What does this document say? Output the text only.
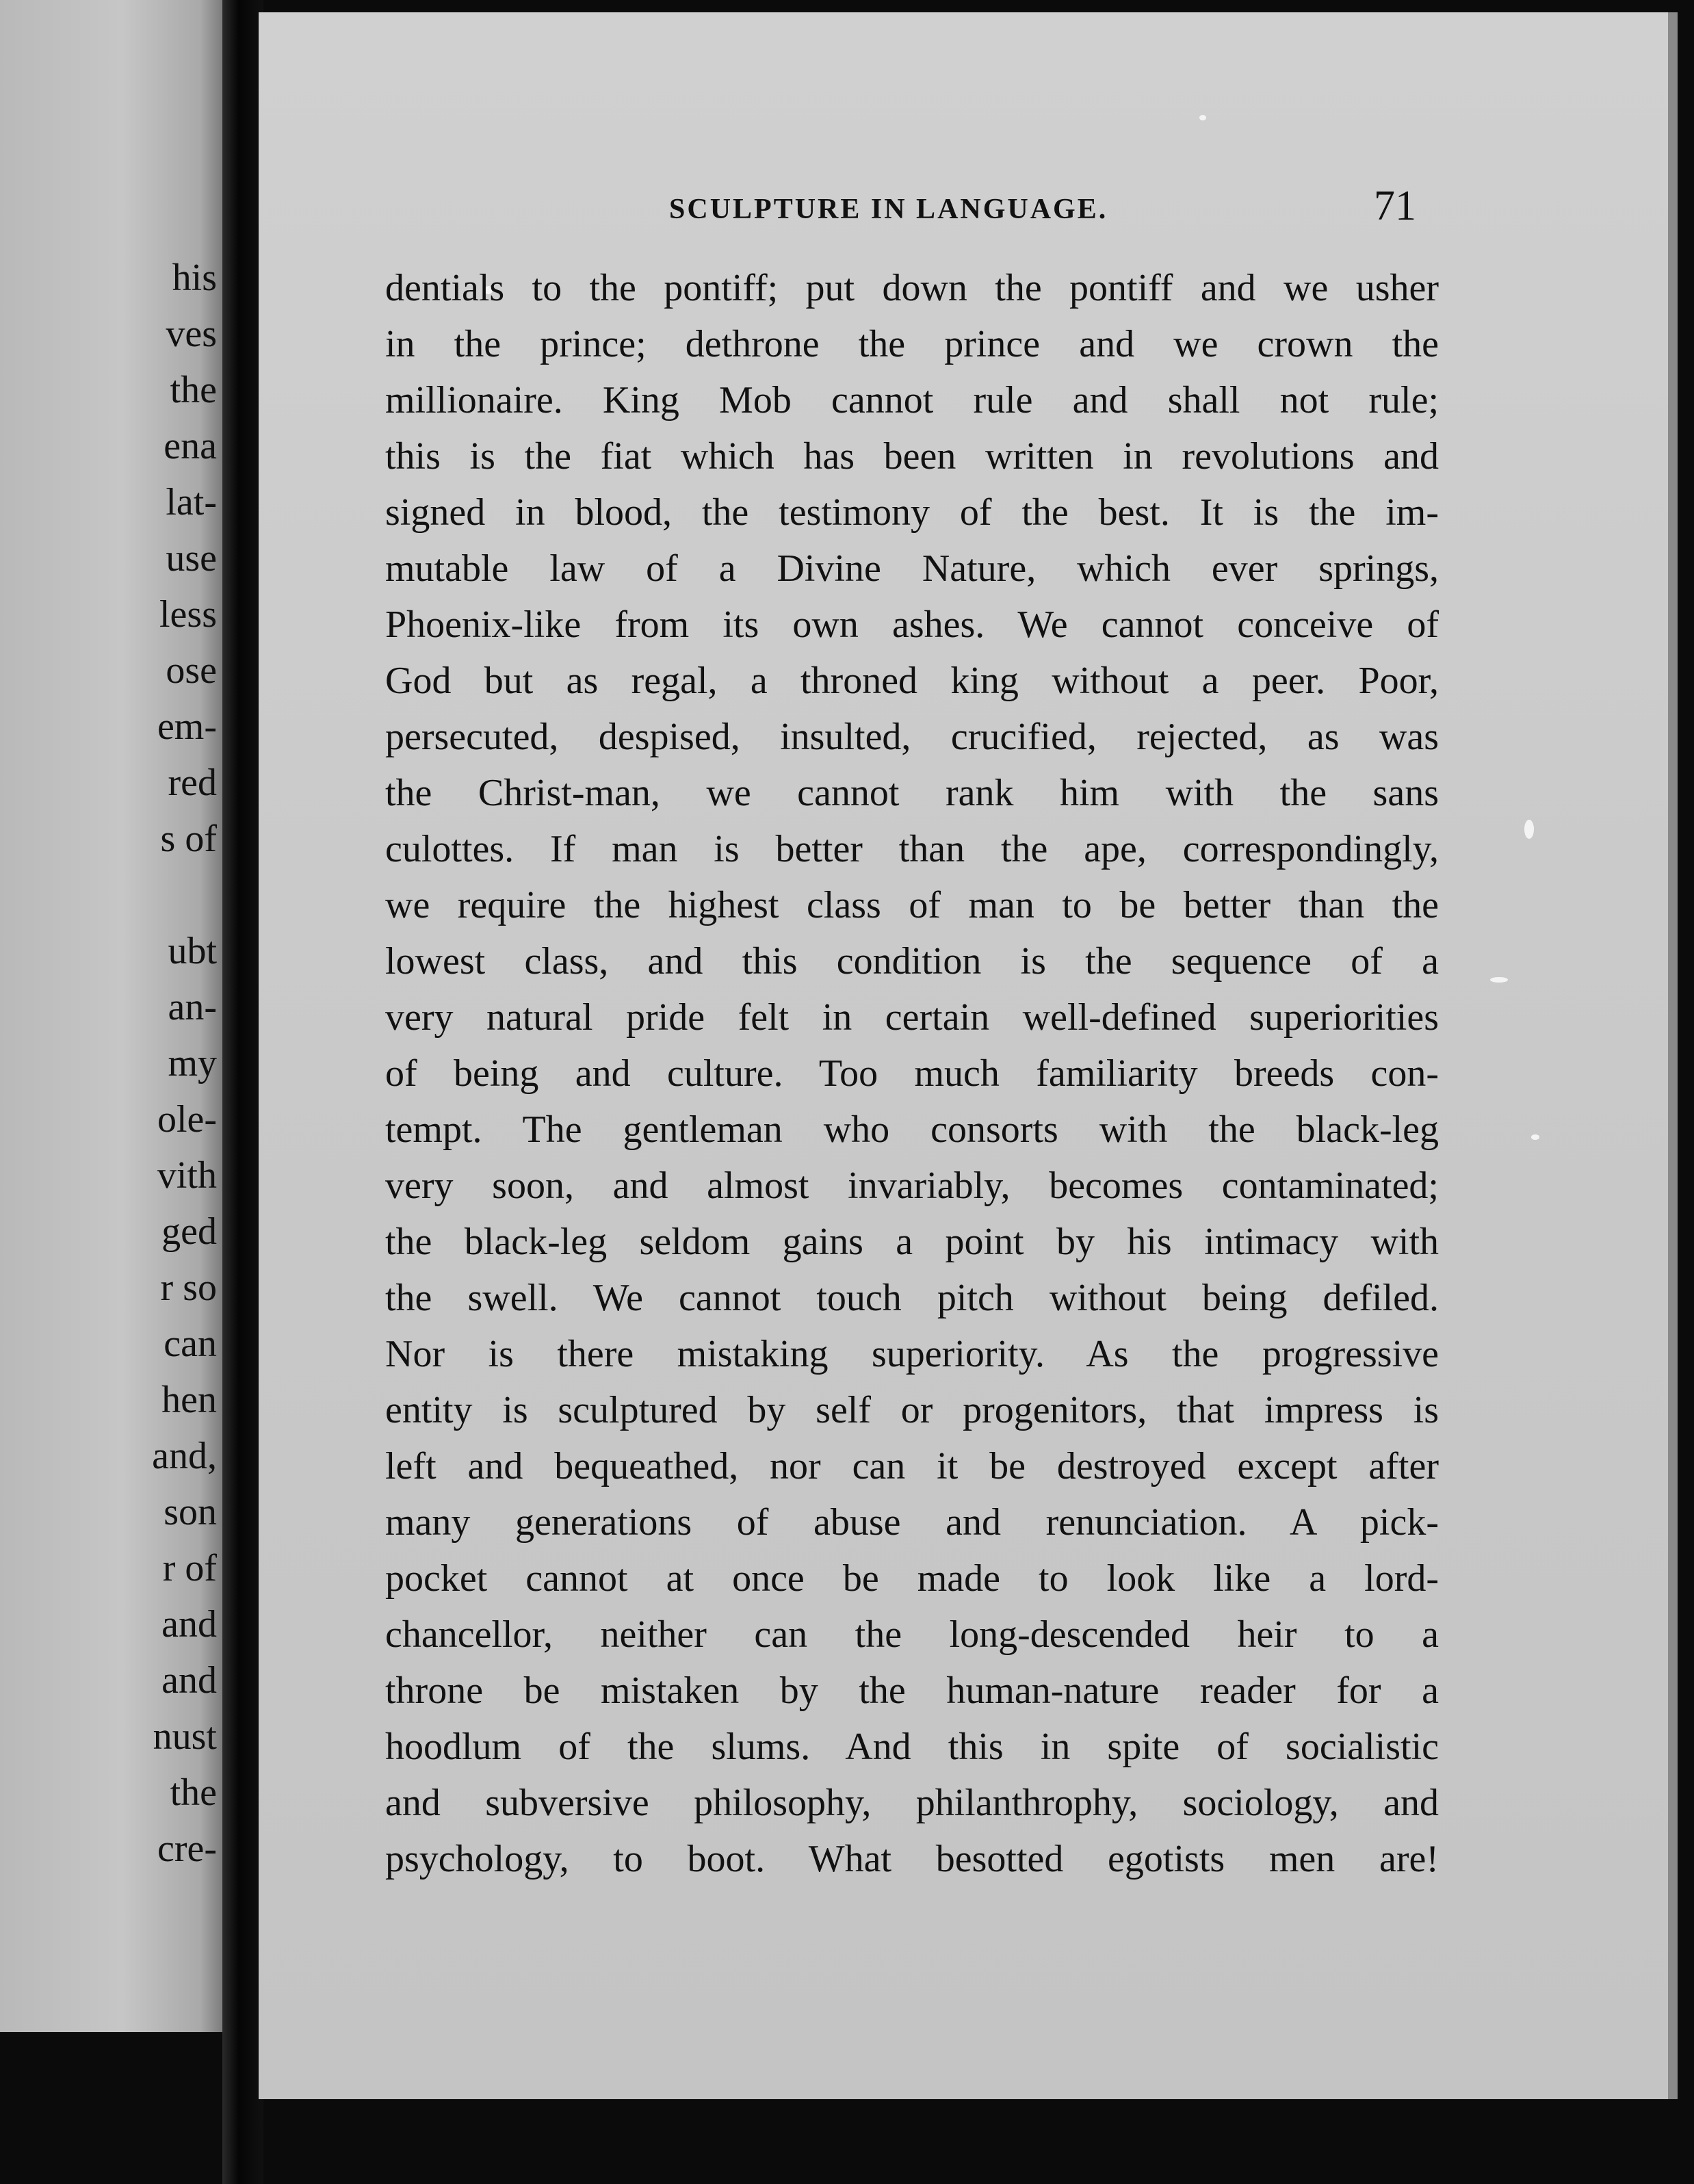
his
ves
the
ena
lat-
use
less
ose
em-
red
s of
ubt
an-
my
ole-
vith
ged
r so
can
hen
and,
son
r of
and
and
nust
the
cre-
SCULPTURE IN LANGUAGE.	71
dentials to the pontiff; put down the pontiff and we usher
in the prince; dethrone the prince and we crown the
millionaire. King Mob cannot rule and shall not rule;
this is the fiat which has been written in revolutions and
signed in blood, the testimony of the best. It is the im-
mutable law of a Divine Nature, which ever springs,
Phoenix-like from its own ashes. We cannot conceive of
God but as regal, a throned king without a peer. Poor,
persecuted, despised, insulted, crucified, rejected, as was
the Christ-man, we cannot rank him with the sans
culottes. If man is better than the ape, correspondingly,
we require the highest class of man to be better than the
lowest class, and this condition is the sequence of a
very natural pride felt in certain well-defined superiorities
of being and culture. Too much familiarity breeds con-
tempt. The gentleman who consorts with the black-leg
very soon, and almost invariably, becomes contaminated;
the black-leg seldom gains a point by his intimacy with
the swell. We cannot touch pitch without being defiled.
Nor is there mistaking superiority. As the progressive
entity is sculptured by self or progenitors, that impress is
left and bequeathed, nor can it be destroyed except after
many generations of abuse and renunciation. A pick-
pocket cannot at once be made to look like a lord-
chancellor, neither can the long-descended heir to a
throne be mistaken by the human-nature reader for a
hoodlum of the slums. And this in spite of socialistic
and subversive philosophy, philanthrophy, sociology, and
psychology, to boot. What besotted egotists men are!
